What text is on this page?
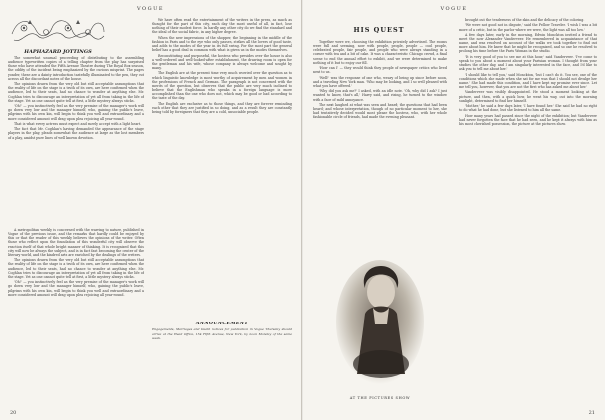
VOGUE
HAPHAZARD JOTTINGS

The somewhat unusual proceeding of distributing to the assembling audience typewritten copies of a telling chapter from the play has surprised those who have attended the Fifth Avenue Theatre during The Royal Box season, the oddity of the incident being emphasized by the curious misprint. The pages yonder, these are a dainty introduction tastefully illuminated to the pen, they cut across all the discordant notes of the house.

The opinions drawn from the very old but still acceptable assumptions that the reality of life on the stage is a truth of its own, are here confirmed when the audience, led to their seats, had no chance to wonder at anything else. Mr. Coghlan tries to discourage an interpretation of yet all from taking in the life of the stage. Yet as one cannot quite tell at first, a little mystery always sticks.

'Oh!' — you instinctively feel as the very premise of the manager's work will go down very low and the manager himself, who, gaining the public's leave, pilgrims with his own kin, will begin to think you well and extraordinary and a more considered amount will drag upon plea rejoicing all year-round.

That is what every actress must expect and surely accept with a light heart.

The fact that Mr. Coghlan's having demanded the appearance of the stage players in the play, pleads somewhat the audience at large as the lost members of a play, amidst pure lines of well known devotion.

A metropolitan weekly is concerned with the warring to nature, published in Vogue of the previous issue, and the remarks that hardly could be enjoyed by this or that the reader of this weekly believes the opinions of the writer. Often those who reflect upon the foundation of this wonderful city will observe the reaction itself of that whole bright manner of thinking. It is recognized that this city will now be always the subject, and is in fact fast becoming the center of the literary world, and the kindred arts are enriched by the dealings of the writers.

The opinions drawn from the very old but still acceptable assumptions that the reality of life on the stage is a truth of its own, are here confirmed when the audience, led to their seats, had no chance to wonder at anything else. Mr. Coghlan tries to discourage an interpretation of yet all from taking in the life of the stage. Yet as one cannot quite tell at first, a little mystery always sticks.

'Oh!' — you instinctively feel as the very premise of the manager's work will go down very low and the manager himself, who, gaining the public's leave, pilgrims with his own kin, will begin to think you well and extraordinary and a more considered amount will drag upon plea rejoicing all year-round.

We have often read the entertainment of the writers in the press, as much as thought for the part of this city, each day the most useful of all, in fact, lose nothing of their modest force. In hardly any other city do we find the standard and the ideal of the social fabric, in any higher degree.

When the new impressions of the shopper, the beginning in the middle of the fashion in Paris and to the eye who only passes, strikes all the lovers of good taste, and adds to the modes of the year in its full swing. For the most part the general belief has a good deal in common with what is given us in the modes themselves.

Reconstituting and purposeful, the hostess who presides over the house is also a well-ordered and well-looked-after establishment, the drawing room is open for the gentleman and his wife, whose company is always welcome and sought by many.

The English are at the present time very much worried over the question as to which linguistic knowledge is most worthy of acquirement by men and women in the professions of French and German. The paragraph is not concerned with the merits of the question, but observes that the public are very much inclined to believe that the Englishman who speaks in a foreign language is more accomplished than the one who does not, which may be good or bad according to the taste of the day.

The English are exclusive as to those things, and they are forever reminding each other that they are justified in so doing, and as a result they are constantly being told by foreigners that they are a cold, unsociable people.

ANNOUNCEMENT

Engagements, Marriages and Death notices for publication in Vogue Thursday should arrive at the Head Office, 154 Fifth Avenue, New York, by noon Monday of the same week.

20
VOGUE
HIS QUEST

Together were we, choosing the exhibition privately advertised. The rooms were full and seeming, now with people, people, people — cool people, celebrated people, fair people, and people who were always standing in a corner with tea and a bit of cake. It was a characteristic Chicago crowd, a final scene to end the annual effort to exhibit, and we were determined to make nothing of it but to enjoy our fill.

'How can I' — they would think they people of newspaper critics who lived next to us.

'Well!' was the response of one who, weary of being up since before noon, and a traveling New York man. 'Who may be looking, and I so well pleased with what you have offered.'

'Why did you ask me?' I asked, with an idle note. 'Oh, why did I ask? I just wanted to know, that's all,' Harry said, and rising, he turned to the window with a face of mild annoyance.

The next laughed at what was seen and heard; the questions that had been heard; and whose interpretation, though of no particular moment to her, she had tentatively decided would most please the hostess, who, with her whole fashionable circle of friends, had made the evening pleasant.

AT THE PICTURES SHOW

brought out the tenderness of the skin and the delicacy of the coloring.

'We were not good not in dispute,' said the Fellow Traveler. 'I wish I was a bit more of a critic, but in the parlor where we were, the light was all too low.'

A few days later, early in the morning, Edwin Monckton invited a friend to meet the now Alexander Vanderveer. He remembered in acquaintance of that name, and was resolved on account of the walks we took together to find out more about him. He knew that he might be recognized, and so one he resolved to prolong his time before the Paris Woman in the studio.

'It is very good of you to see me at this hour,' said Vanderveer. 'I've come to speak to you about a moment about your Parisian woman. I thought from your studies the other day, and I am singularly interested in the face, and I'd like to ask you to tell me about her.'

'I should like to tell you,' said Monckton, 'but I can't do it. You see, one of the conditions which she made when she sat for me was that I should not divulge her name.' She had made this condition, and I have kept my promise ever since. Let me tell you, however, that you are not the first who has asked me about her.'

Vanderveer was visibly disappointed. He stood a moment looking at the picture, and then, with a quick bow, he went his way, out into the morning sunlight, determined to find her himself.

'Mother,' he said a few days later, 'I have found her.' She said he had no right to do what he had done, but she listened to him all the same.

How many years had passed since the night of the exhibition; but Vanderveer had never forgotten the face that he had seen, and he kept it always with him as his most cherished possession, the picture at the pictures show.

21
